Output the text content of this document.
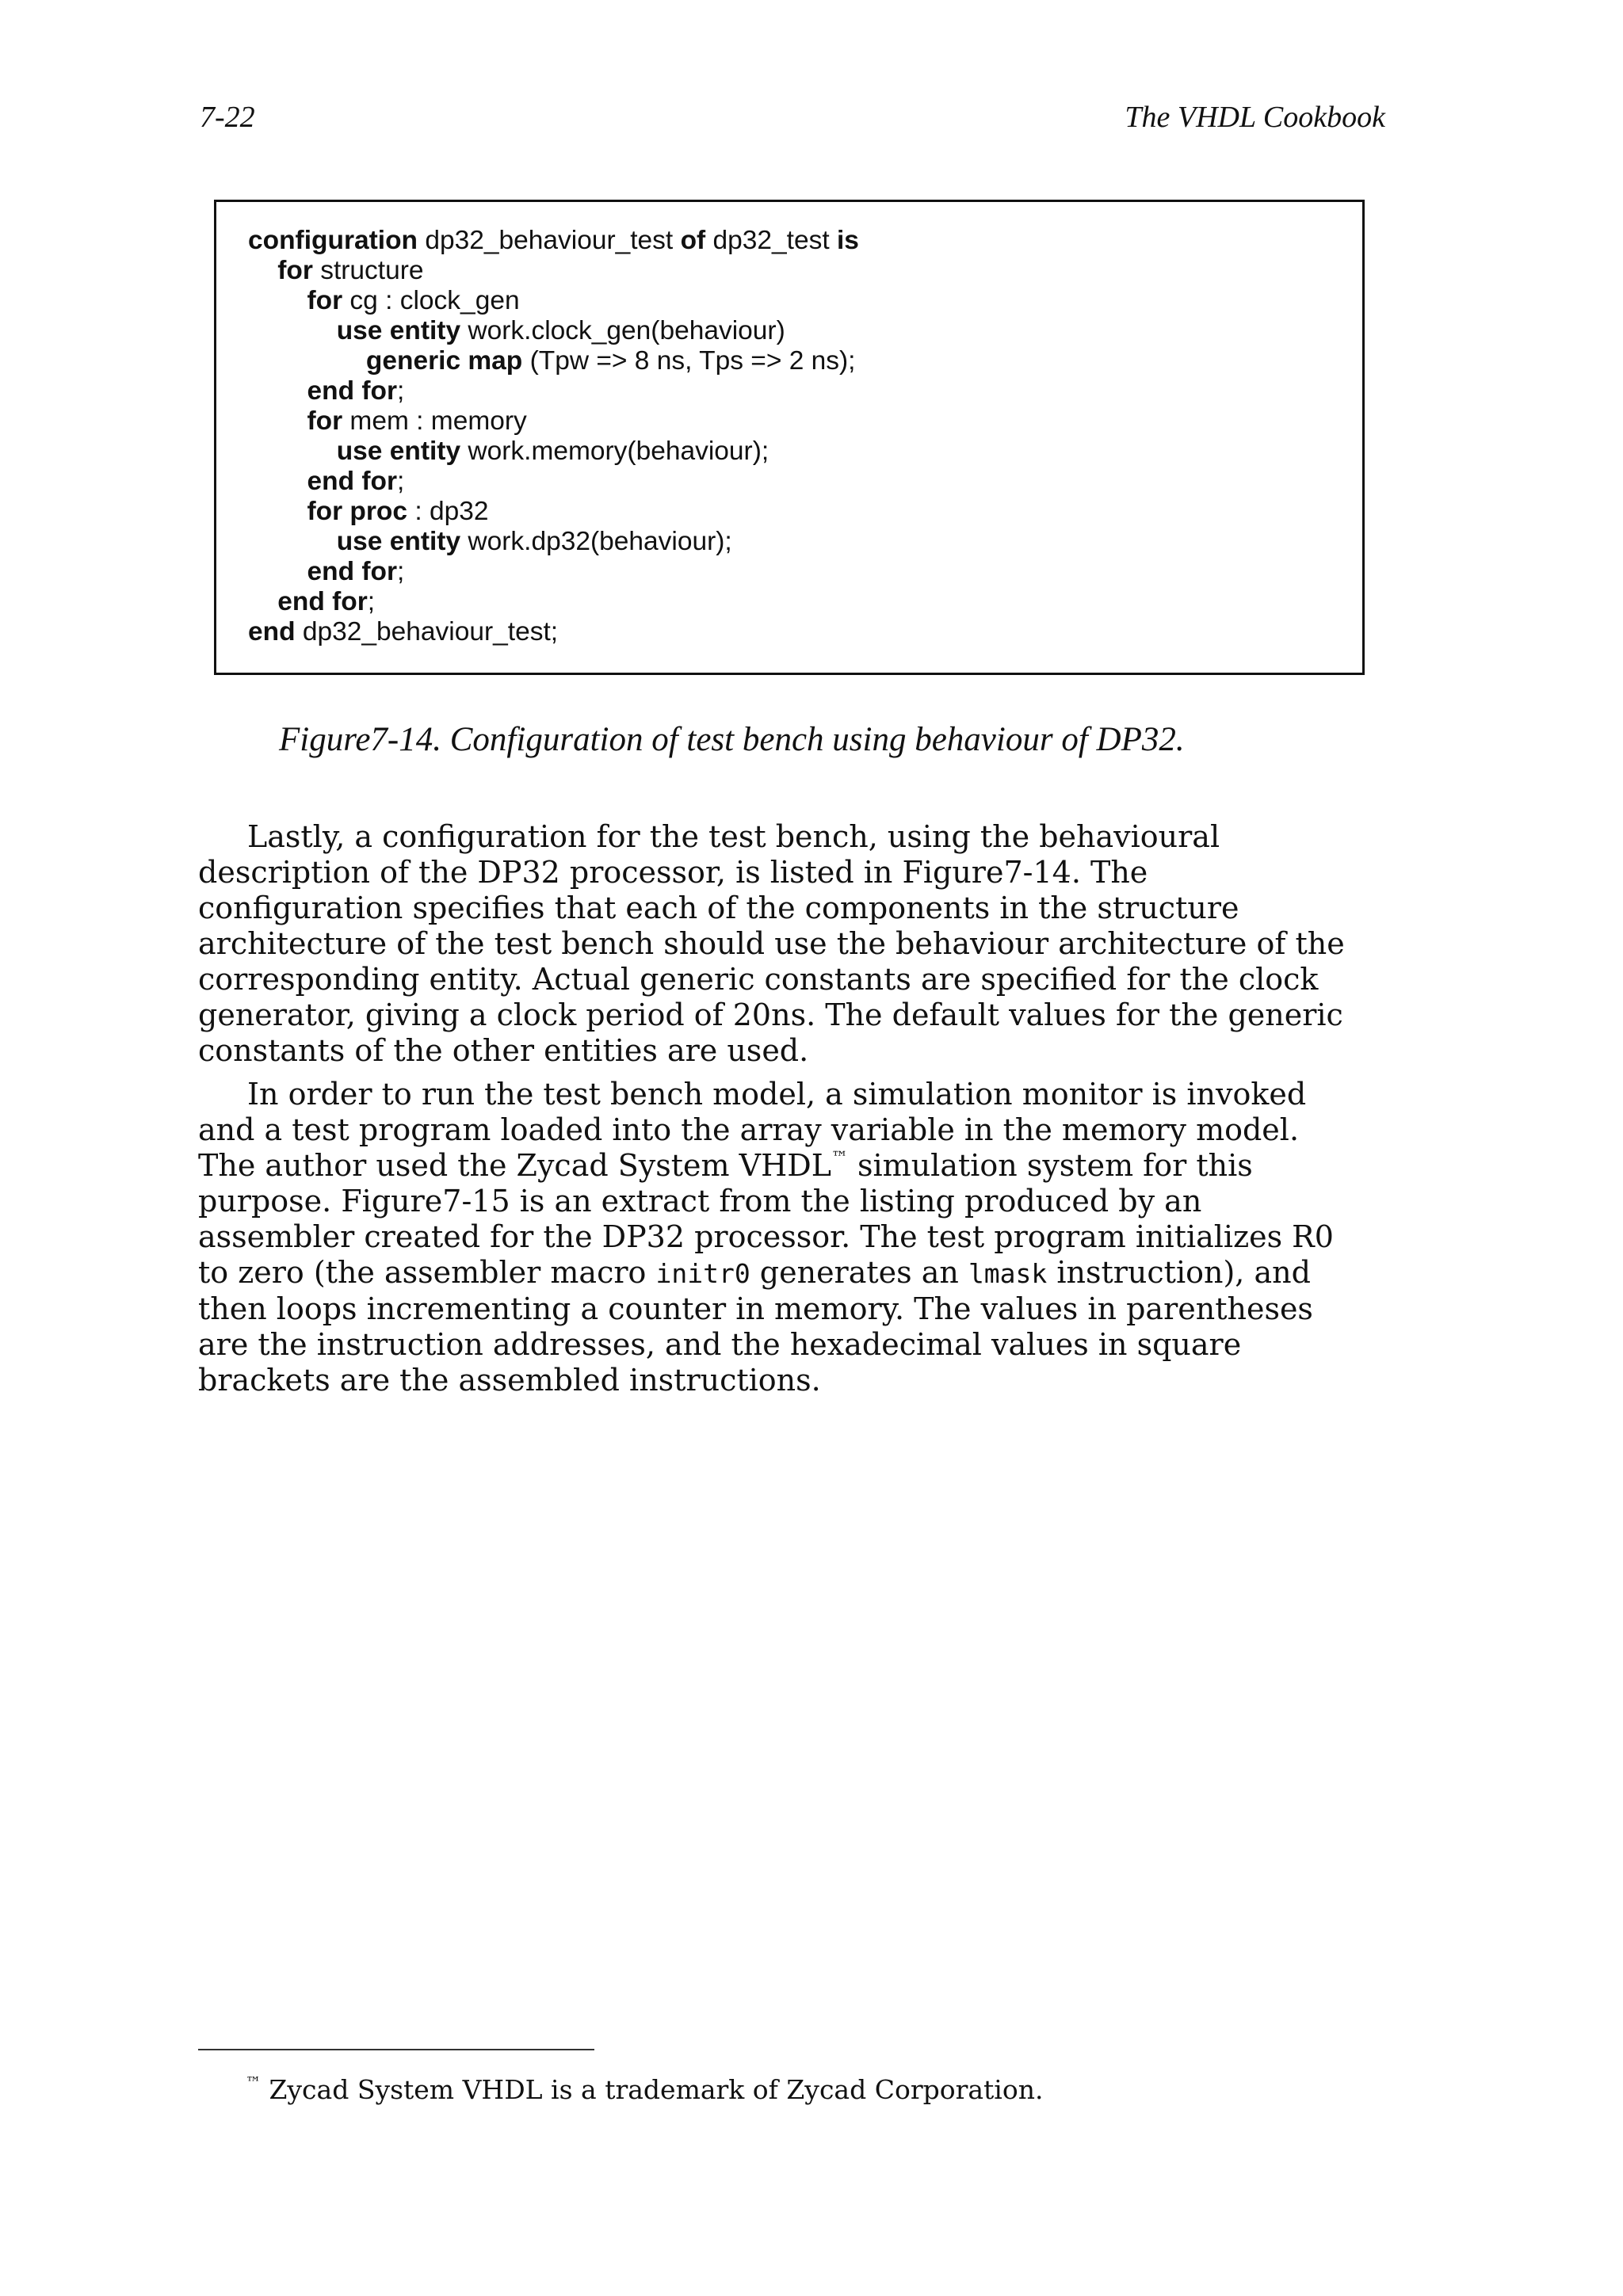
7-22	The VHDL Cookbook
configuration dp32_behaviour_test of dp32_test is
for structure
for cg : clock_gen
use entity work.clock_gen(behaviour)
generic map (Tpw => 8 ns, Tps => 2 ns);
end for;
for mem : memory
use entity work.memory(behaviour);
end for;
for proc : dp32
use entity work.dp32(behaviour);
end for;
end for;
end dp32_behaviour_test;
Figure7-14. Configuration of test bench using behaviour of DP32.

Lastly, a configuration for the test bench, using the behavioural
description of the DP32 processor, is listed in Figure7-14. The
configuration specifies that each of the components in the structure
architecture of the test bench should use the behaviour architecture of the
corresponding entity. Actual generic constants are specified for the clock
generator, giving a clock period of 20ns. The default values for the generic
constants of the other entities are used.

In order to run the test bench model, a simulation monitor is invoked
and a test program loaded into the array variable in the memory model.
The author used the Zycad System VHDL™ simulation system for this
purpose. Figure7-15 is an extract from the listing produced by an
assembler created for the DP32 processor. The test program initializes R0
to zero (the assembler macro initr0 generates an lmask instruction), and
then loops incrementing a counter in memory. The values in parentheses
are the instruction addresses, and the hexadecimal values in square
brackets are the assembled instructions.

™ Zycad System VHDL is a trademark of Zycad Corporation.
